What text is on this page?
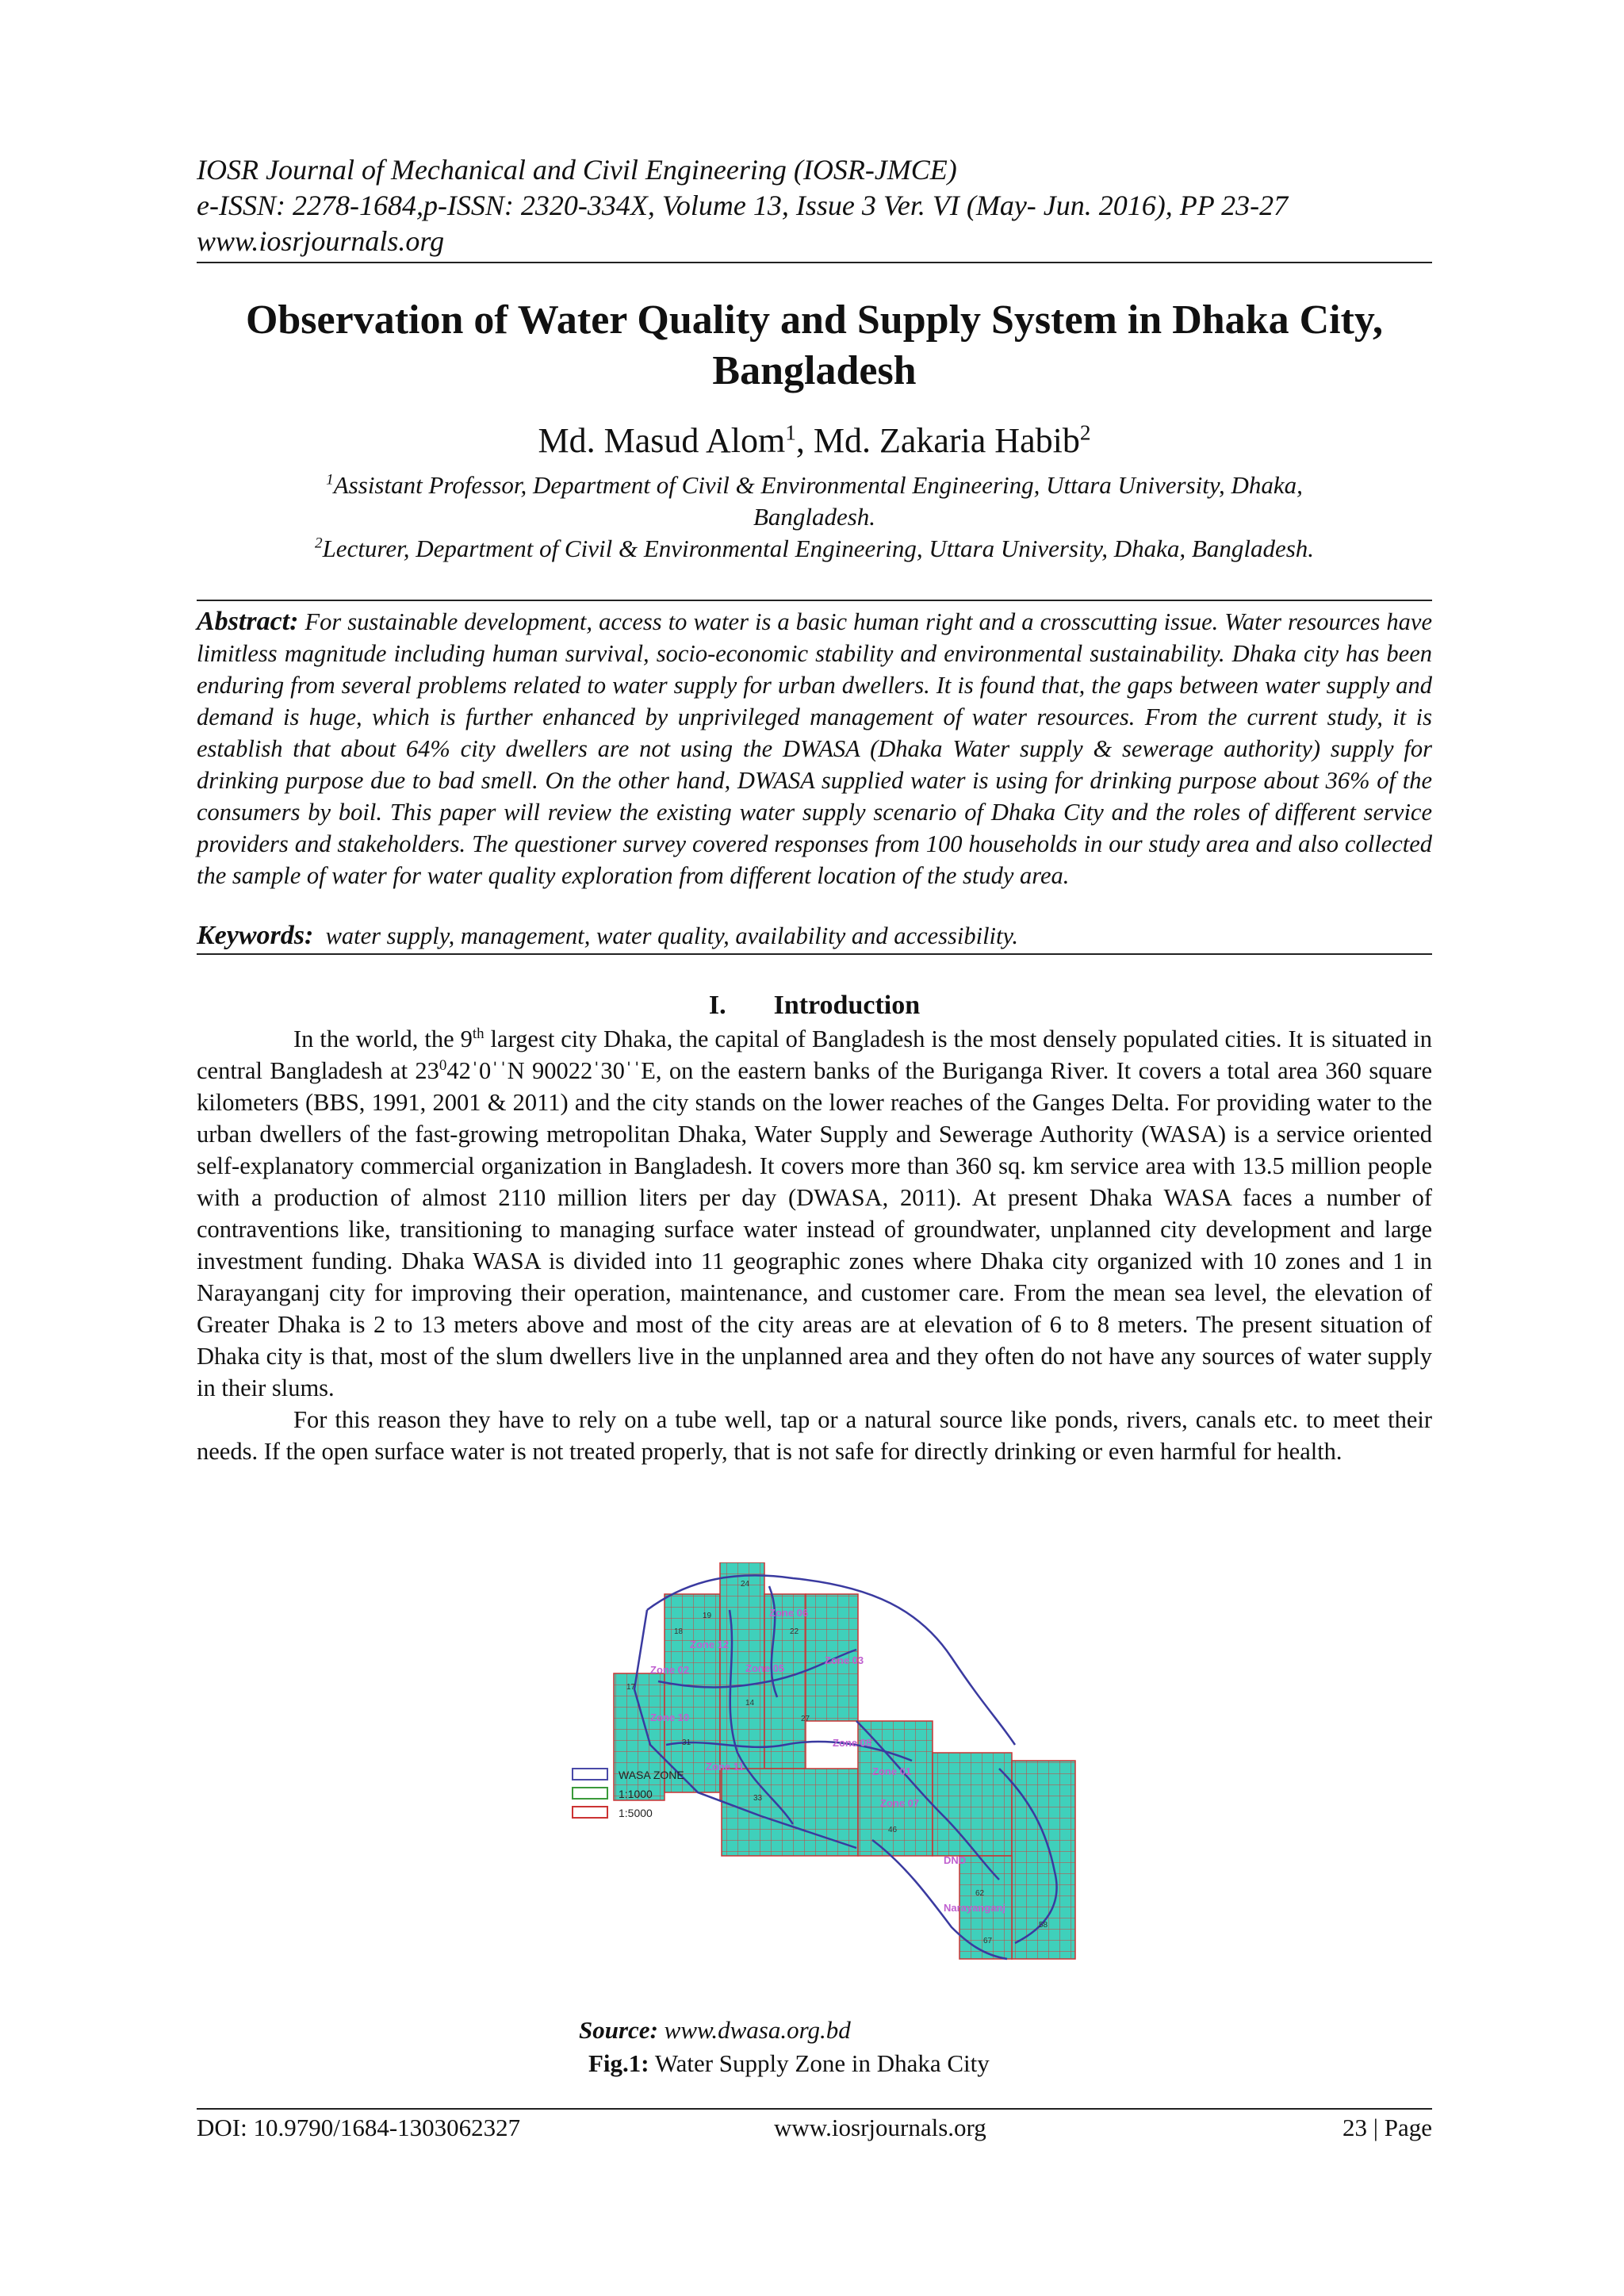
IOSR Journal of Mechanical and Civil Engineering (IOSR-JMCE)
e-ISSN: 2278-1684,p-ISSN: 2320-334X, Volume 13, Issue 3 Ver. VI (May- Jun. 2016), PP 23-27
www.iosrjournals.org
Observation of Water Quality and Supply System in Dhaka City,
Bangladesh
Md. Masud Alom$^1$, Md. Zakaria Habib$^2$
$^1$Assistant Professor, Department of Civil & Environmental Engineering, Uttara University, Dhaka,
Bangladesh.
$^2$Lecturer, Department of Civil & Environmental Engineering, Uttara University, Dhaka, Bangladesh.
Abstract: For sustainable development, access to water is a basic human right and a crosscutting issue. Water resources have limitless magnitude including human survival, socio-economic stability and environmental sustainability. Dhaka city has been enduring from several problems related to water supply for urban dwellers. It is found that, the gaps between water supply and demand is huge, which is further enhanced by unprivileged management of water resources. From the current study, it is establish that about 64% city dwellers are not using the DWASA (Dhaka Water supply & sewerage authority) supply for drinking purpose due to bad smell. On the other hand, DWASA supplied water is using for drinking purpose about 36% of the consumers by boil. This paper will review the existing water supply scenario of Dhaka City and the roles of different service providers and stakeholders. The questioner survey covered responses from 100 households in our study area and also collected the sample of water for water quality exploration from different location of the study area.
Keywords: water supply, management, water quality, availability and accessibility.
I. Introduction

In the world, the 9th largest city Dhaka, the capital of Bangladesh is the most densely populated cities. It is situated in central Bangladesh at $23^042ˈ0ˈˈN$ 90022ˈ30ˈˈE, on the eastern banks of the Buriganga River. It covers a total area 360 square kilometers (BBS, 1991, 2001 & 2011) and the city stands on the lower reaches of the Ganges Delta. For providing water to the urban dwellers of the fast-growing metropolitan Dhaka, Water Supply and Sewerage Authority (WASA) is a service oriented self-explanatory commercial organization in Bangladesh. It covers more than 360 sq. km service area with 13.5 million people with a production of almost 2110 million liters per day (DWASA, 2011). At present Dhaka WASA faces a number of contraventions like, transitioning to managing surface water instead of groundwater, unplanned city development and large investment funding. Dhaka WASA is divided into 11 geographic zones where Dhaka city organized with 10 zones and 1 in Narayanganj city for improving their operation, maintenance, and customer care. From the mean sea level, the elevation of Greater Dhaka is 2 to 13 meters above and most of the city areas are at elevation of 6 to 8 meters. The present situation of Dhaka city is that, most of the slum dwellers live in the unplanned area and they often do not have any sources of water supply in their slums.

For this reason they have to rely on a tube well, tap or a natural source like ponds, rivers, canals etc. to meet their needs. If the open surface water is not treated properly, that is not safe for directly drinking or even harmful for health.

Zone 06
Zone 12
Zone 03
Zone 05
Zone 02
Zone 10
Zone 11
Zone 08
Zone 01
Zone 07
DND
Narayanganj
24
19
18
17
22
14
31
27
33
46
62
58
67
WASA ZONE
1:1000
1:5000
Source: www.dwasa.org.bd
Fig.1: Water Supply Zone in Dhaka City
DOI: 10.9790/1684-1303062327	www.iosrjournals.org	23 | Page
